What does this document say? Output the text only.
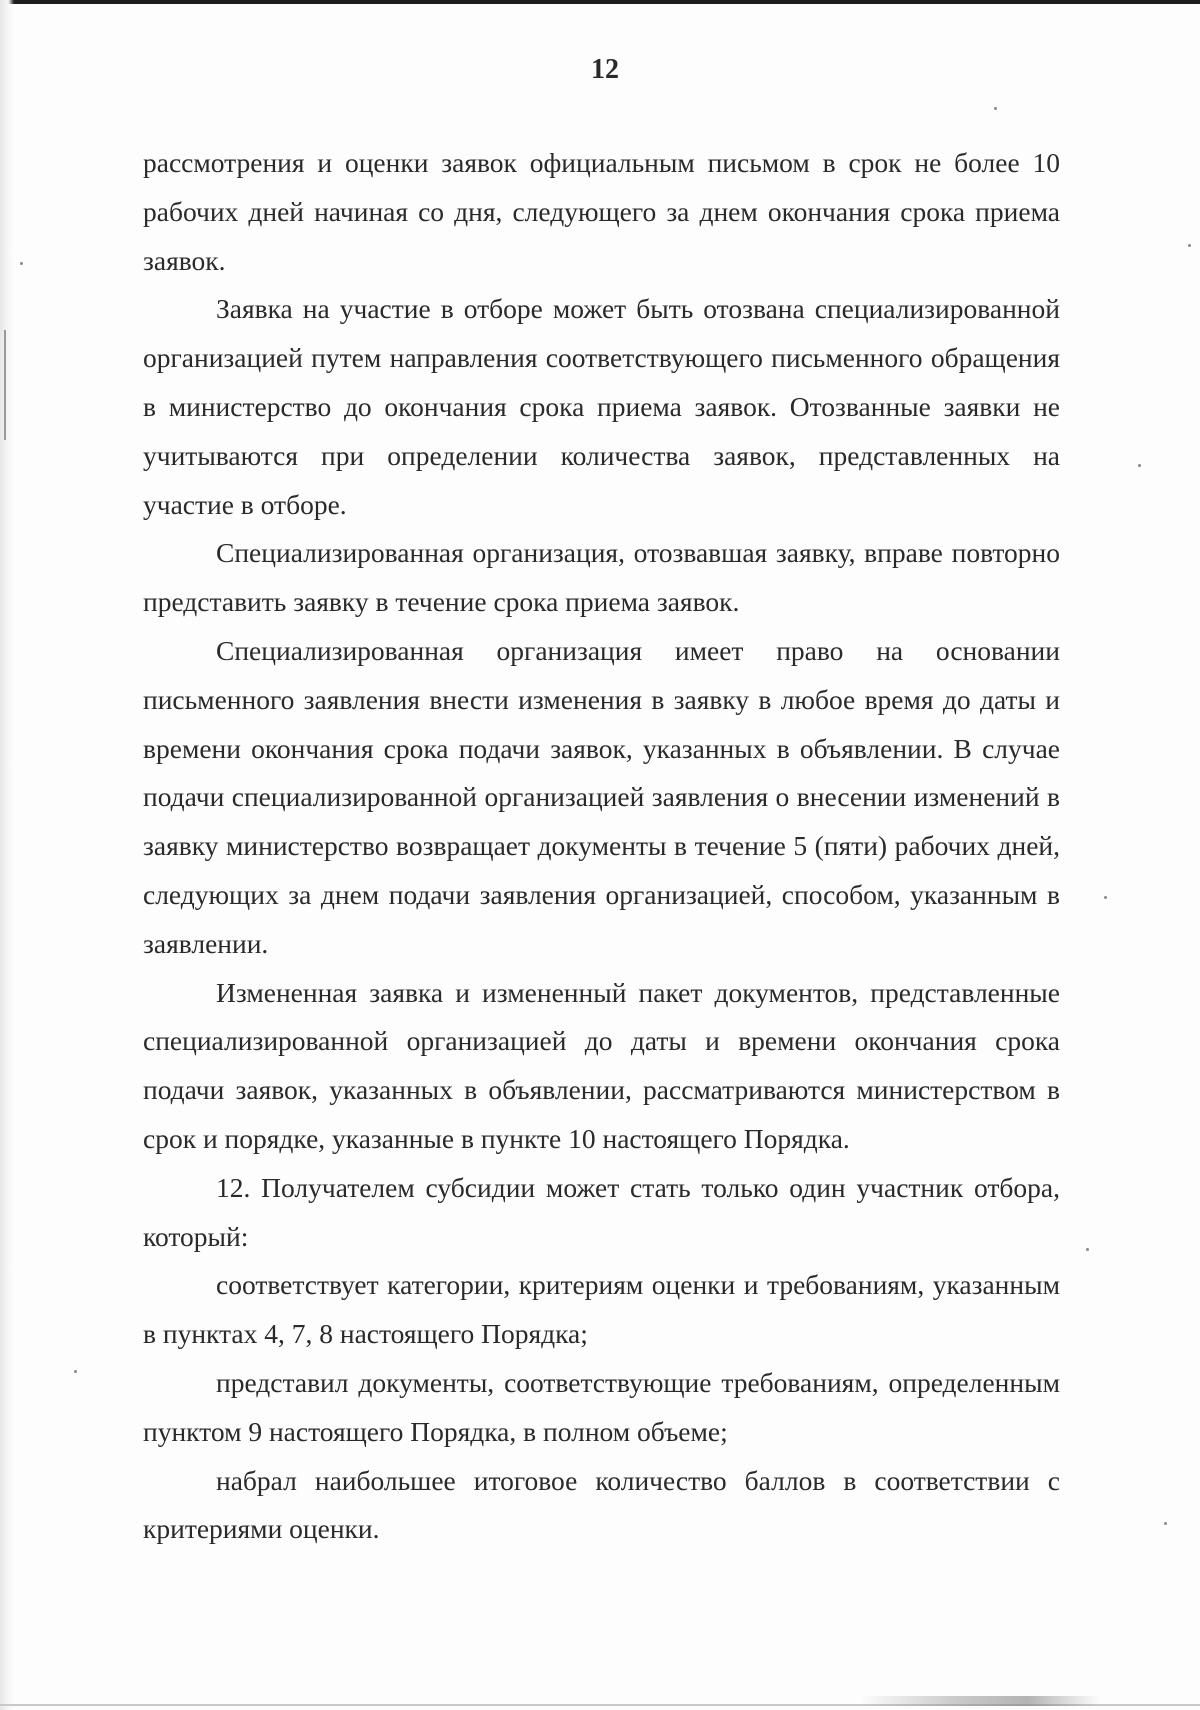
12

рассмотрения и оценки заявок официальным письмом в срок не более 10 рабочих дней начиная со дня, следующего за днем окончания срока приема заявок.

Заявка на участие в отборе может быть отозвана специализированной организацией путем направления соответствующего письменного обращения в министерство до окончания срока приема заявок. Отозванные заявки не учитываются при определении количества заявок, представленных на участие в отборе.

Специализированная организация, отозвавшая заявку, вправе повторно представить заявку в течение срока приема заявок.

Специализированная организация имеет право на основании письменного заявления внести изменения в заявку в любое время до даты и времени окончания срока подачи заявок, указанных в объявлении. В случае подачи специализированной организацией заявления о внесении изменений в заявку министерство возвращает документы в течение 5 (пяти) рабочих дней, следующих за днем подачи заявления организацией, способом, указанным в заявлении.

Измененная заявка и измененный пакет документов, представленные специализированной организацией до даты и времени окончания срока подачи заявок, указанных в объявлении, рассматриваются министерством в срок и порядке, указанные в пункте 10 настоящего Порядка.

12. Получателем субсидии может стать только один участник отбора, который:

соответствует категории, критериям оценки и требованиям, указанным в пунктах 4, 7, 8 настоящего Порядка;

представил документы, соответствующие требованиям, определенным пунктом 9 настоящего Порядка, в полном объеме;

набрал наибольшее итоговое количество баллов в соответствии с критериями оценки.
